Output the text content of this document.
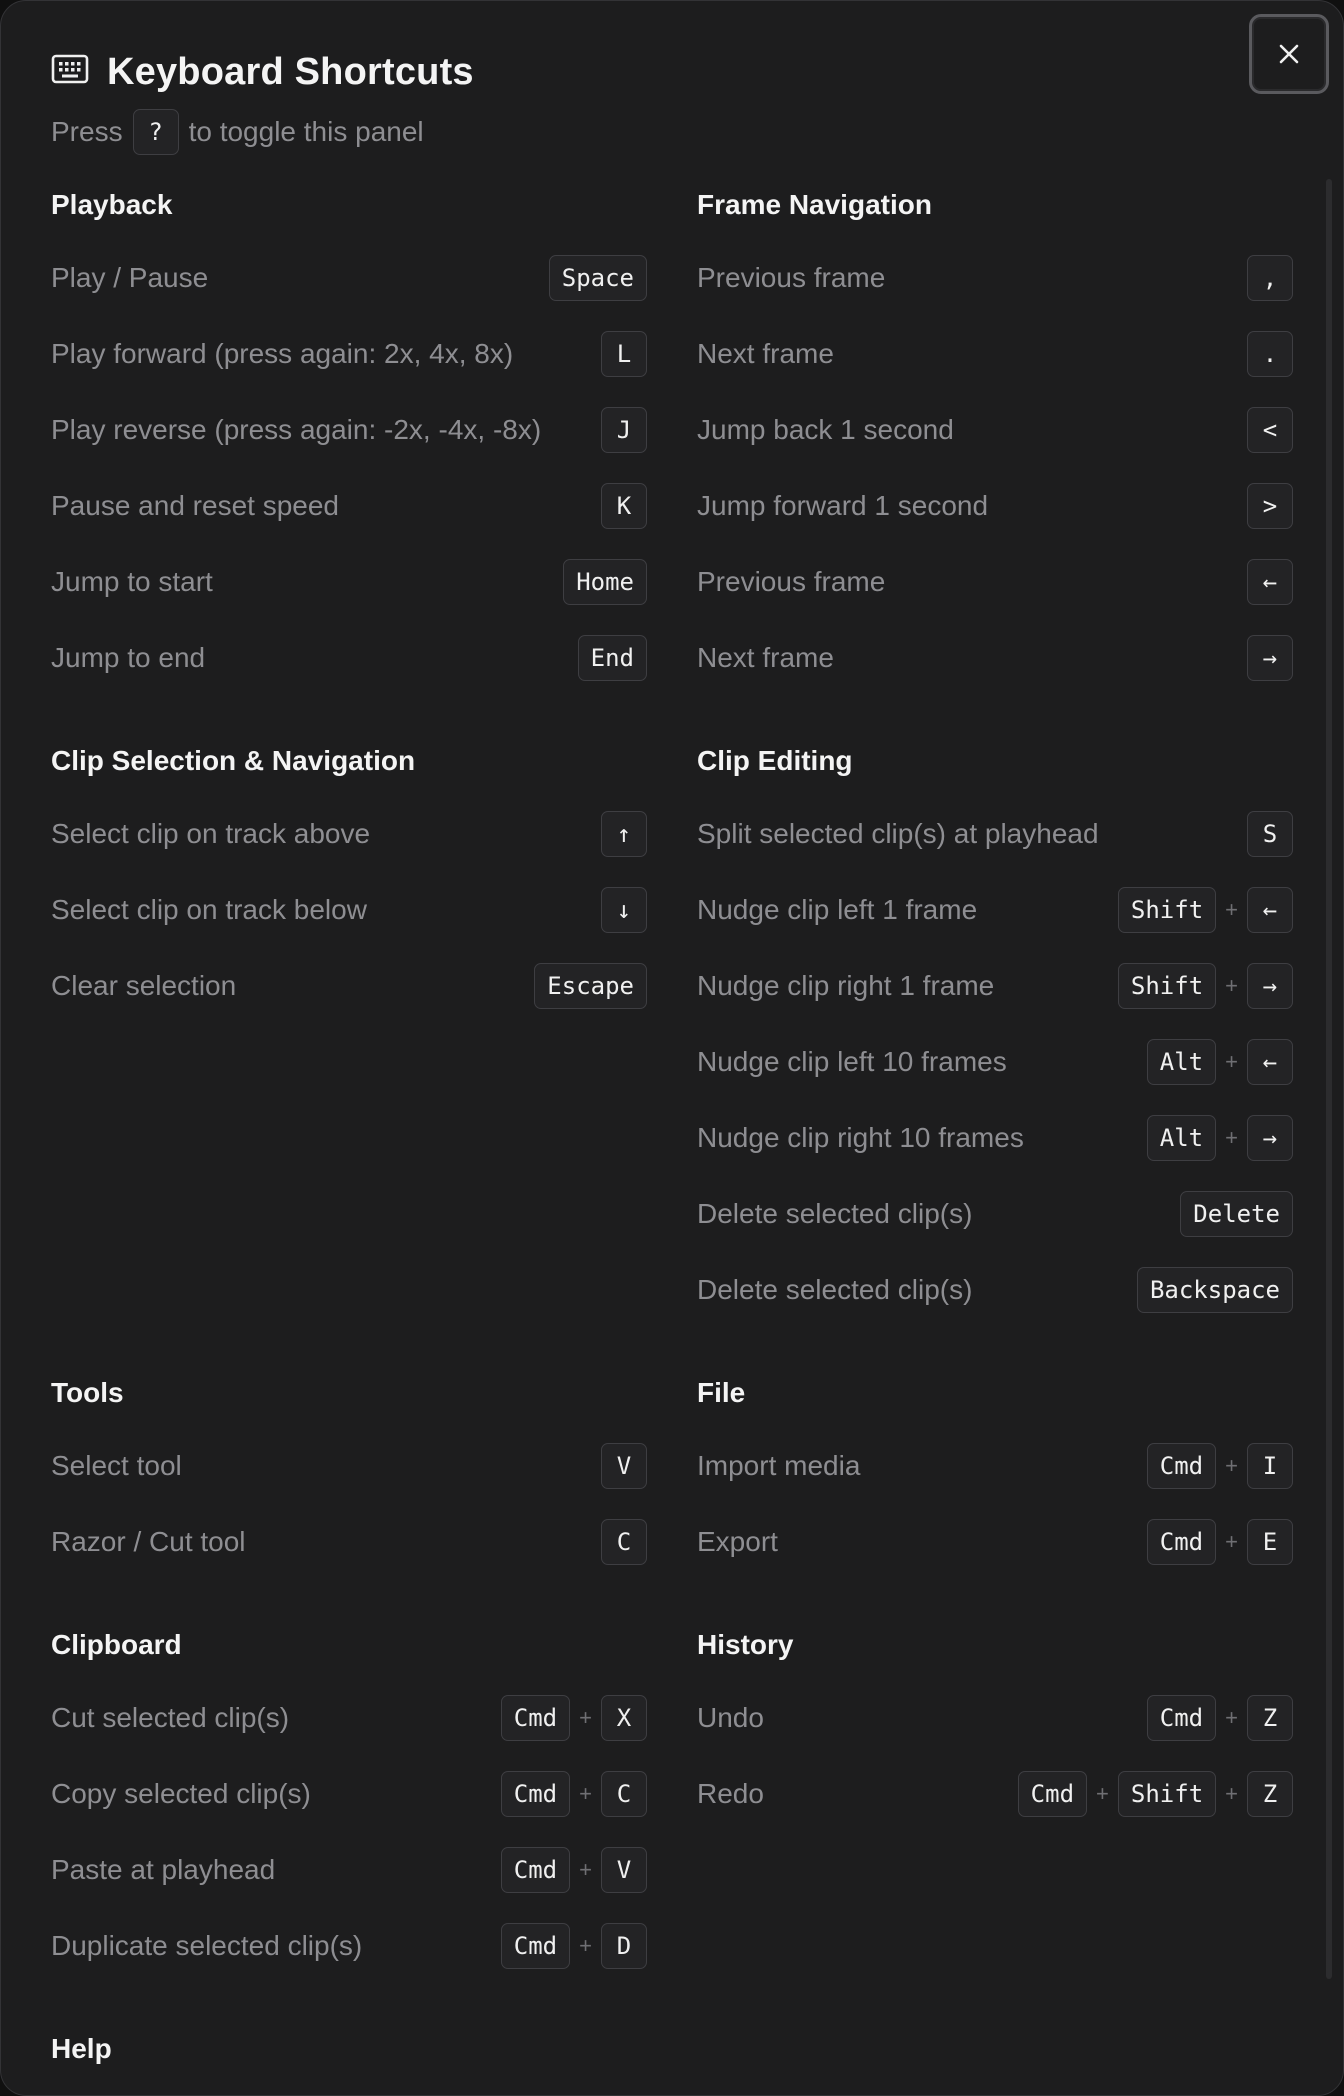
Keyboard Shortcuts
Press	? to toggle this panel
Playback
Play / Pause	Space
Play forward (press again: 2x, 4x, 8x)	L
Play reverse (press again: -2x, -4x, -8x)	J
Pause and reset speed	K
Jump to start	Home
Jump to end	End
Frame Navigation
Previous frame	,
Next frame	.
Jump back 1 second	<
Jump forward 1 second	>
Previous frame	←
Next frame	→
Clip Selection & Navigation
Select clip on track above	↑
Select clip on track below	↓
Clear selection	Escape
Clip Editing
Split selected clip(s) at playhead	S
Nudge clip left 1 frame	Shift	+	←
Nudge clip right 1 frame	Shift	+	→
Nudge clip left 10 frames	Alt	+	←
Nudge clip right 10 frames	Alt	+	→
Delete selected clip(s)	Delete
Delete selected clip(s)	Backspace
Tools
Select tool	V
Razor / Cut tool	C
File
Import media	Cmd	+	I
Export	Cmd	+	E
Clipboard
Cut selected clip(s)	Cmd	+	X
Copy selected clip(s)	Cmd	+	C
Paste at playhead	Cmd	+	V
Duplicate selected clip(s)	Cmd	+	D
History
Undo	Cmd	+	Z
Redo	Cmd	+ Shift	+	Z
Help
